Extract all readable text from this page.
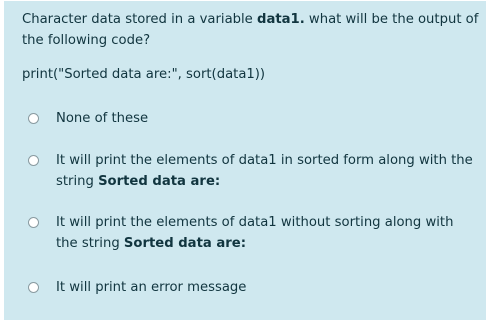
Character data stored in a variable data1. what will be the output of
the following code?
print("Sorted data are:", sort(data1))
None of these
It will print the elements of data1 in sorted form along with the
string Sorted data are:
It will print the elements of data1 without sorting along with
the string Sorted data are:
It will print an error message
